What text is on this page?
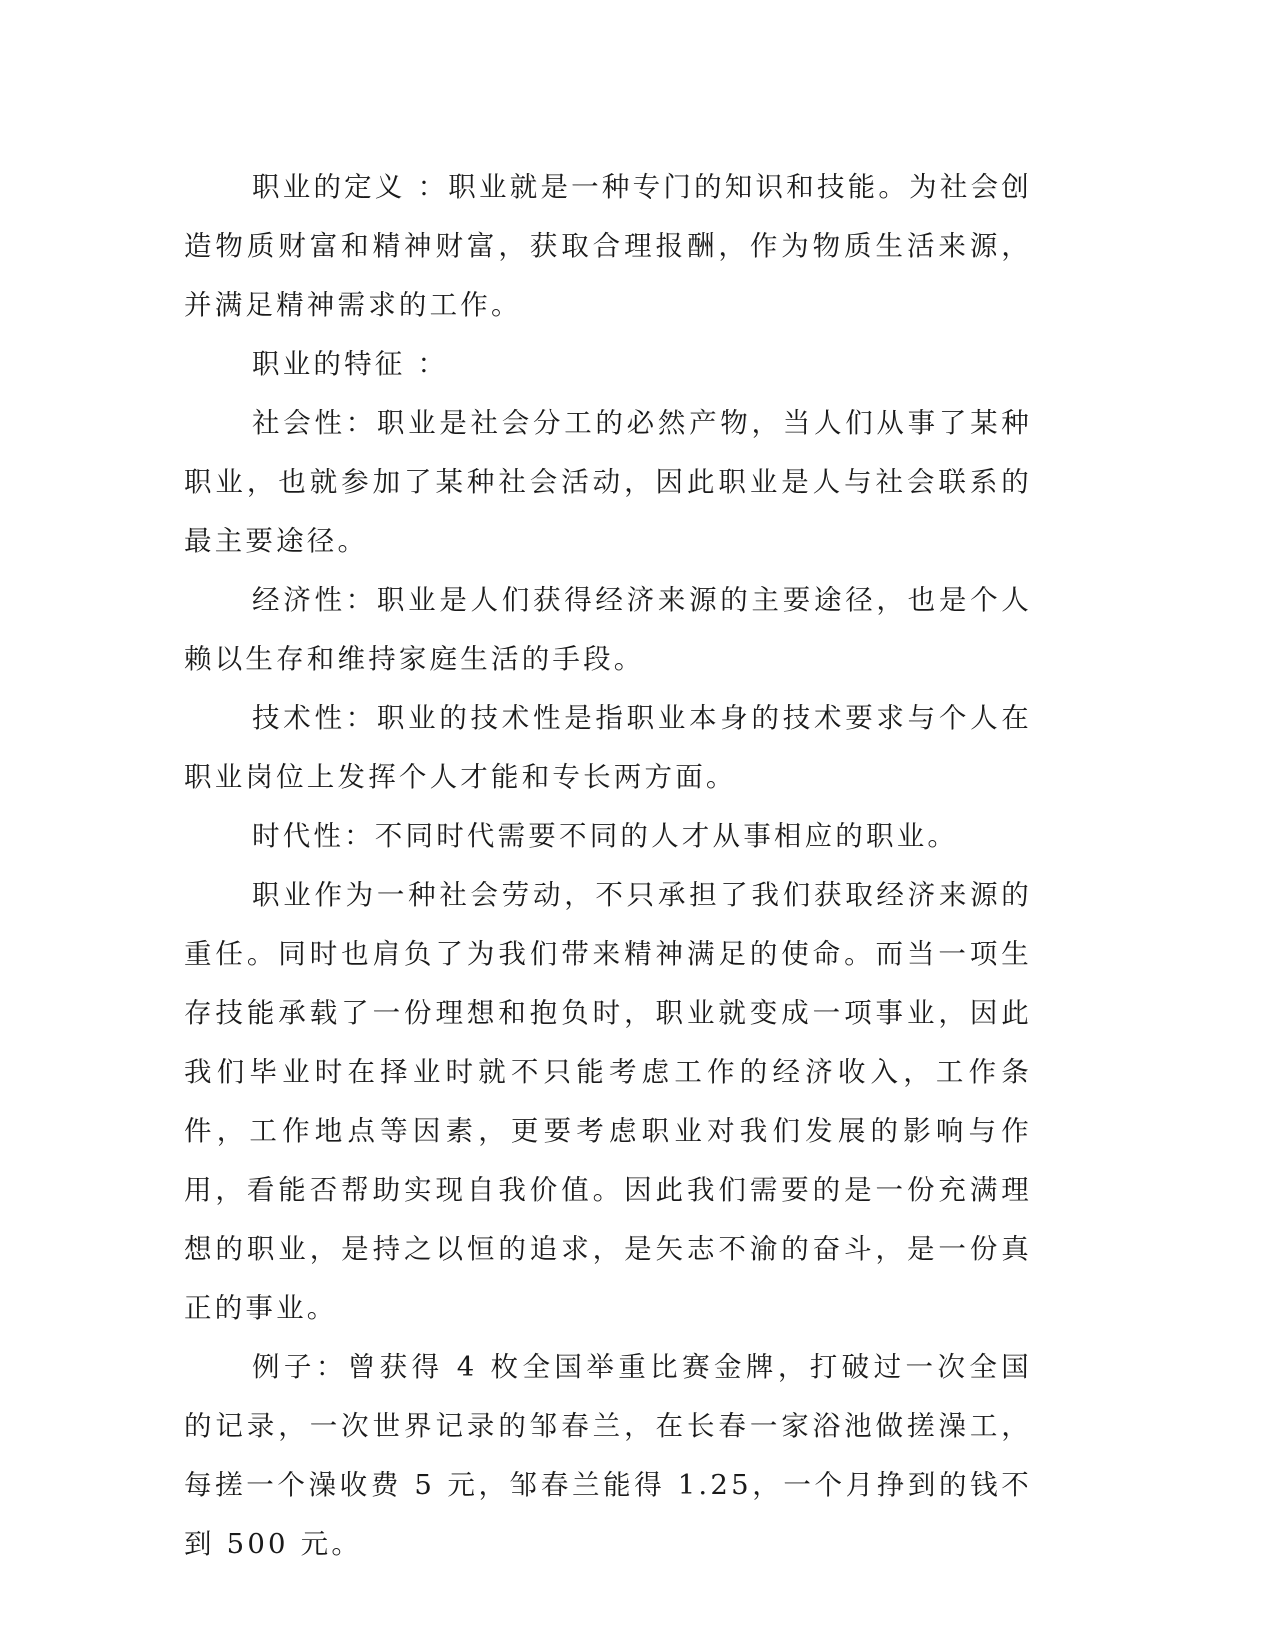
职业的定义 ：职业就是一种专门的知识和技能。为社会创造物质财富和精神财富，获取合理报酬，作为物质生活来源，并满足精神需求的工作。

职业的特征 ：

社会性：职业是社会分工的必然产物，当人们从事了某种职业，也就参加了某种社会活动，因此职业是人与社会联系的最主要途径。

经济性：职业是人们获得经济来源的主要途径，也是个人赖以生存和维持家庭生活的手段。

技术性：职业的技术性是指职业本身的技术要求与个人在职业岗位上发挥个人才能和专长两方面。

时代性：不同时代需要不同的人才从事相应的职业。

职业作为一种社会劳动，不只承担了我们获取经济来源的重任。同时也肩负了为我们带来精神满足的使命。而当一项生存技能承载了一份理想和抱负时，职业就变成一项事业，因此我们毕业时在择业时就不只能考虑工作的经济收入，工作条件，工作地点等因素，更要考虑职业对我们发展的影响与作用，看能否帮助实现自我价值。因此我们需要的是一份充满理想的职业，是持之以恒的追求，是矢志不渝的奋斗，是一份真正的事业。

例子：曾获得 4 枚全国举重比赛金牌，打破过一次全国的记录，一次世界记录的邹春兰，在长春一家浴池做搓澡工，每搓一个澡收费 5 元，邹春兰能得 1.25，一个月挣到的钱不到 500 元。
